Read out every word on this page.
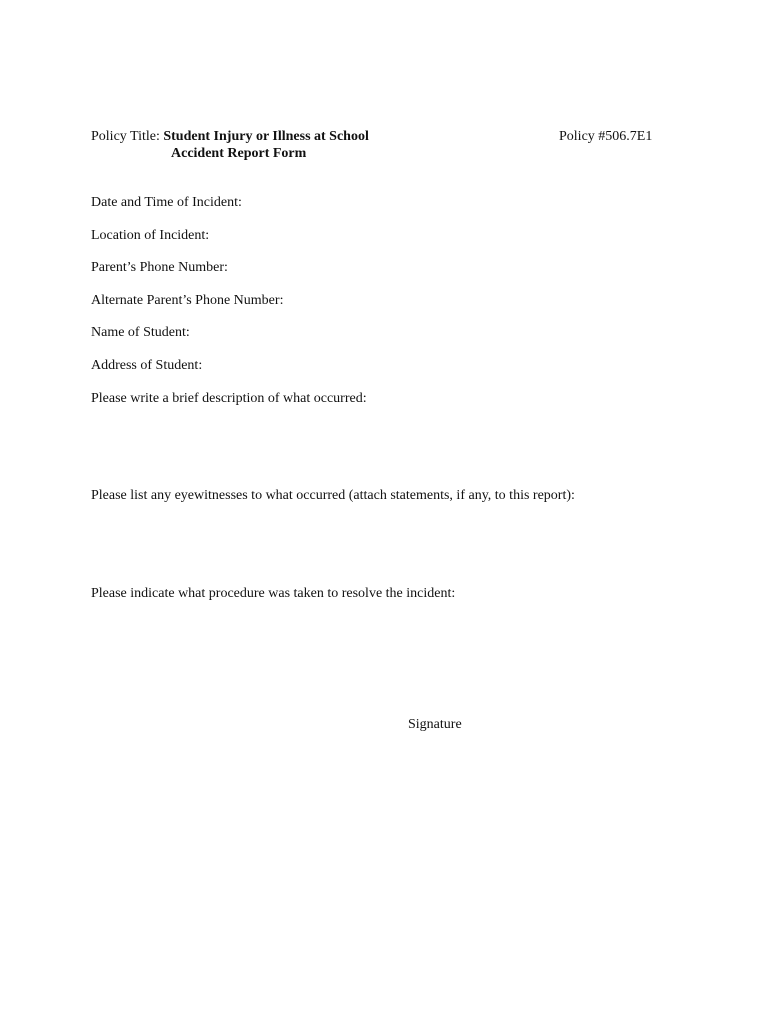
Policy Title: Student Injury or Illness at School
Accident Report Form
Policy #506.7E1
Date and Time of Incident:
Location of Incident:
Parent’s Phone Number:
Alternate Parent’s Phone Number:
Name of Student:
Address of Student:
Please write a brief description of what occurred:
Please list any eyewitnesses to what occurred (attach statements, if any, to this report):
Please indicate what procedure was taken to resolve the incident:
Signature
